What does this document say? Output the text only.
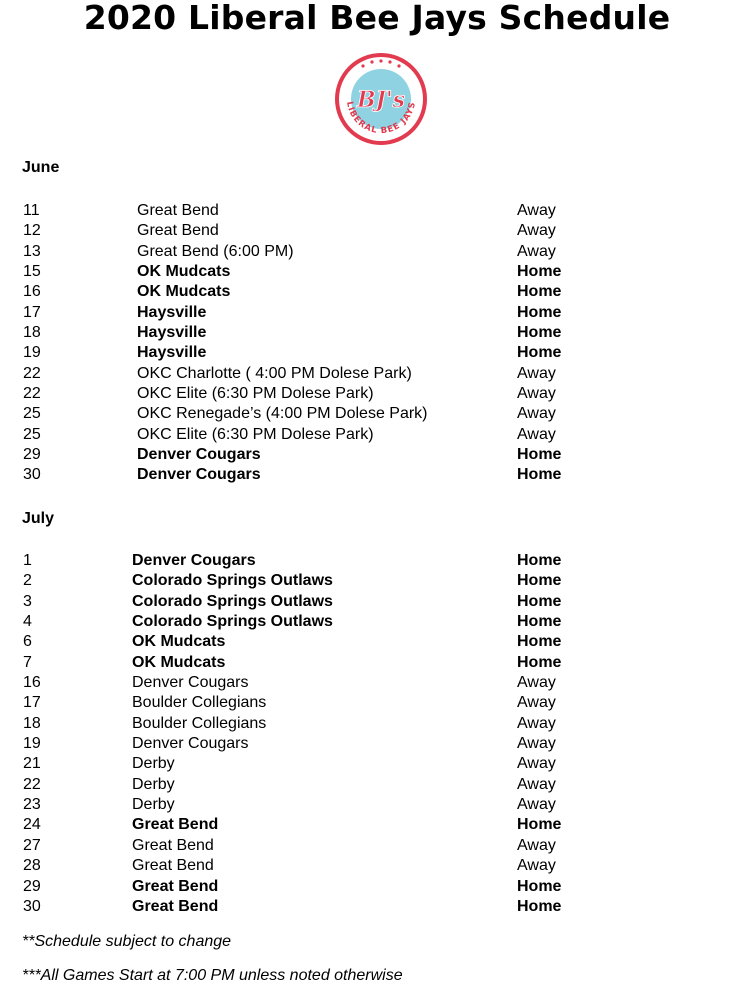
2020 Liberal Bee Jays Schedule
BJ's
LIBERAL BEE JAYS
June
11	Great Bend	Away
12	Great Bend	Away
13	Great Bend (6:00 PM)	Away
15	OK Mudcats	Home
16	OK Mudcats	Home
17	Haysville	Home
18	Haysville	Home
19	Haysville	Home
22	OKC Charlotte ( 4:00 PM Dolese Park)	Away
22	OKC Elite (6:30 PM Dolese Park)	Away
25	OKC Renegade’s (4:00 PM Dolese Park)	Away
25	OKC Elite (6:30 PM Dolese Park)	Away
29	Denver Cougars	Home
30	Denver Cougars	Home
July
1	Denver Cougars	Home
2	Colorado Springs Outlaws	Home
3	Colorado Springs Outlaws	Home
4	Colorado Springs Outlaws	Home
6	OK Mudcats	Home
7	OK Mudcats	Home
16	Denver Cougars	Away
17	Boulder Collegians	Away
18	Boulder Collegians	Away
19	Denver Cougars	Away
21	Derby	Away
22	Derby	Away
23	Derby	Away
24	Great Bend	Home
27	Great Bend	Away
28	Great Bend	Away
29	Great Bend	Home
30	Great Bend	Home
**Schedule subject to change
***All Games Start at 7:00 PM unless noted otherwise
